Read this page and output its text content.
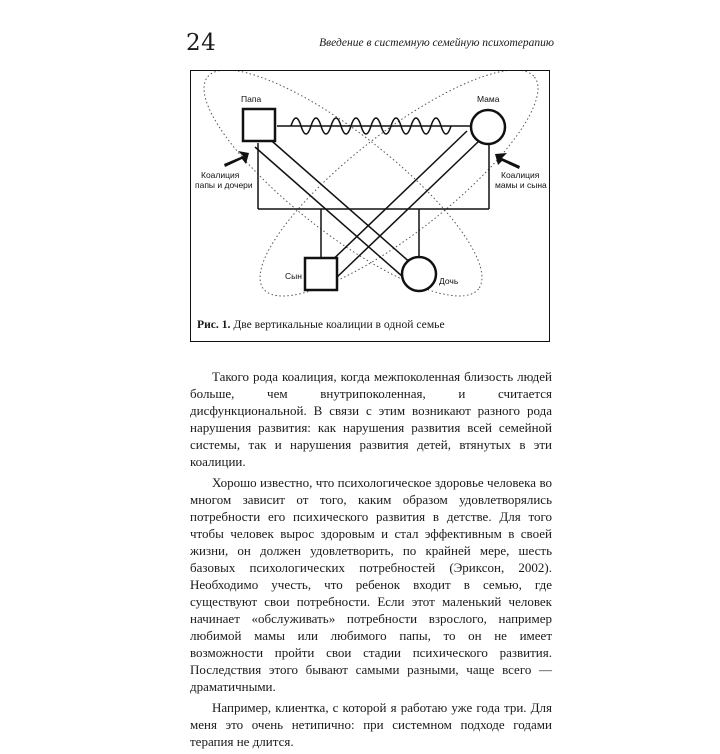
24	Введение в системную семейную психотерапию
Папа	Мама
Сын	Дочь
Коалиция
папы и дочери
Коалиция
мамы и сына
Рис. 1. Две вертикальные коалиции в одной семье

Такого рода коалиция, когда межпоколенная близость людей больше, чем внутрипоколенная, и считается дисфункциональной. В связи с этим возникают разного рода нарушения развития: как нарушения развития всей семейной системы, так и нарушения развития детей, втянутых в эти коалиции.

Хорошо известно, что психологическое здоровье человека во многом зависит от того, каким образом удовлетворялись потребности его психического развития в детстве. Для того чтобы человек вырос здоровым и стал эффективным в своей жизни, он должен удовлетворить, по крайней мере, шесть базовых психологических потребностей (Эриксон, 2002). Необходимо учесть, что ребенок входит в семью, где существуют свои потребности. Если этот маленький человек начинает «обслуживать» потребности взрослого, например любимой мамы или любимого папы, то он не имеет возможности пройти свои стадии психического развития. Последствия этого бывают самыми разными, чаще всего — драматичными.

Например, клиентка, с которой я работаю уже года три. Для меня это очень нетипично: при системном подходе годами терапия не длится.
